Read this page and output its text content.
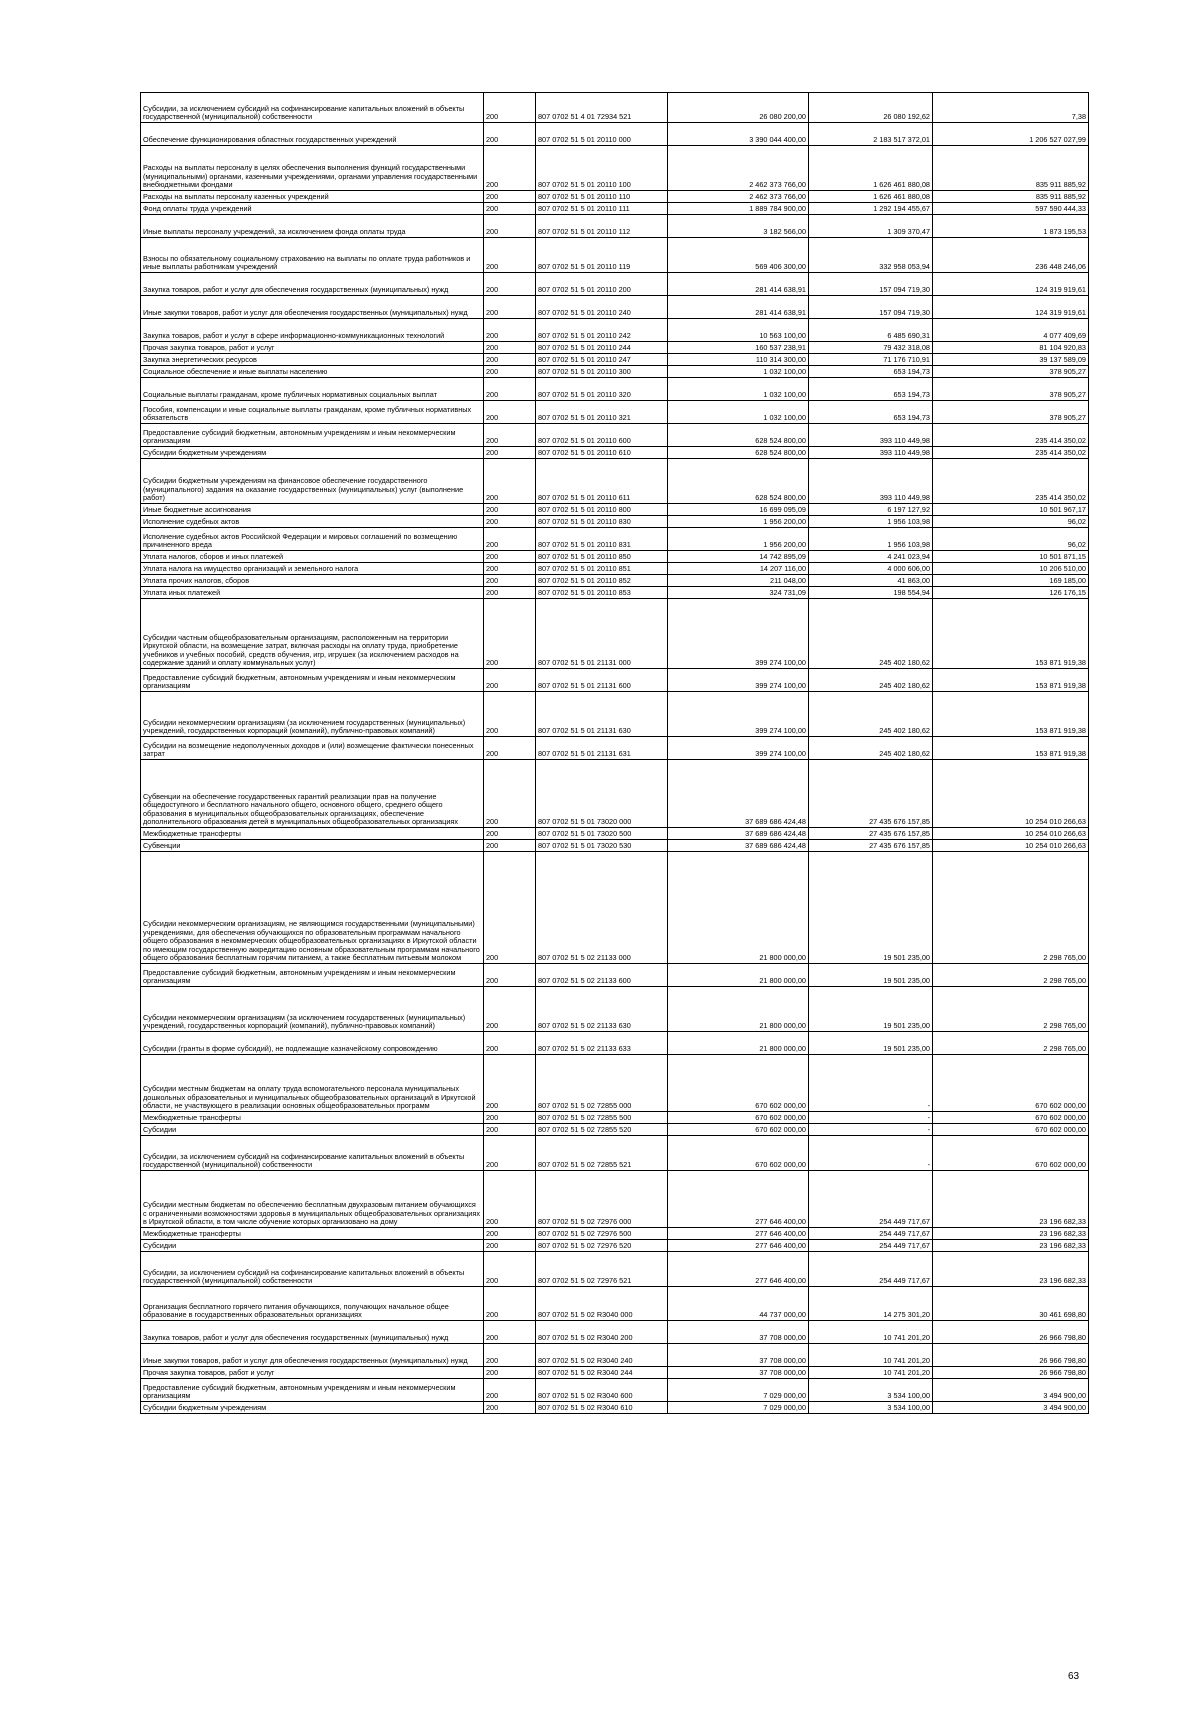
Субсидии, за исключением субсидий на софинансирование капитальных вложений в объекты государственной (муниципальной) собственности	200	807 0702 51 4 01 72934 521	26 080 200,00	26 080 192,62	7,38
Обеспечение функционирования областных государственных учреждений	200	807 0702 51 5 01 20110 000	3 390 044 400,00	2 183 517 372,01	1 206 527 027,99
Расходы на выплаты персоналу в целях обеспечения выполнения функций государственными (муниципальными) органами, казенными учреждениями, органами управления государственными внебюджетными фондами	200	807 0702 51 5 01 20110 100	2 462 373 766,00	1 626 461 880,08	835 911 885,92
Расходы на выплаты персоналу казенных учреждений	200	807 0702 51 5 01 20110 110	2 462 373 766,00	1 626 461 880,08	835 911 885,92
Фонд оплаты труда учреждений	200	807 0702 51 5 01 20110 111	1 889 784 900,00	1 292 194 455,67	597 590 444,33
Иные выплаты персоналу учреждений, за исключением фонда оплаты труда	200	807 0702 51 5 01 20110 112	3 182 566,00	1 309 370,47	1 873 195,53
Взносы по обязательному социальному страхованию на выплаты по оплате труда работников и иные выплаты работникам учреждений	200	807 0702 51 5 01 20110 119	569 406 300,00	332 958 053,94	236 448 246,06
Закупка товаров, работ и услуг для обеспечения государственных (муниципальных) нужд	200	807 0702 51 5 01 20110 200	281 414 638,91	157 094 719,30	124 319 919,61
Иные закупки товаров, работ и услуг для обеспечения государственных (муниципальных) нужд	200	807 0702 51 5 01 20110 240	281 414 638,91	157 094 719,30	124 319 919,61
Закупка товаров, работ и услуг в сфере информационно-коммуникационных технологий	200	807 0702 51 5 01 20110 242	10 563 100,00	6 485 690,31	4 077 409,69
Прочая закупка товаров, работ и услуг	200	807 0702 51 5 01 20110 244	160 537 238,91	79 432 318,08	81 104 920,83
Закупка энергетических ресурсов	200	807 0702 51 5 01 20110 247	110 314 300,00	71 176 710,91	39 137 589,09
Социальное обеспечение и иные выплаты населению	200	807 0702 51 5 01 20110 300	1 032 100,00	653 194,73	378 905,27
Социальные выплаты гражданам, кроме публичных нормативных социальных выплат	200	807 0702 51 5 01 20110 320	1 032 100,00	653 194,73	378 905,27
Пособия, компенсации и иные социальные выплаты гражданам, кроме публичных нормативных обязательств	200	807 0702 51 5 01 20110 321	1 032 100,00	653 194,73	378 905,27
Предоставление субсидий бюджетным, автономным учреждениям и иным некоммерческим организациям	200	807 0702 51 5 01 20110 600	628 524 800,00	393 110 449,98	235 414 350,02
Субсидии бюджетным учреждениям	200	807 0702 51 5 01 20110 610	628 524 800,00	393 110 449,98	235 414 350,02
Субсидии бюджетным учреждениям на финансовое обеспечение государственного (муниципального) задания на оказание государственных (муниципальных) услуг (выполнение работ)	200	807 0702 51 5 01 20110 611	628 524 800,00	393 110 449,98	235 414 350,02
Иные бюджетные ассигнования	200	807 0702 51 5 01 20110 800	16 699 095,09	6 197 127,92	10 501 967,17
Исполнение судебных актов	200	807 0702 51 5 01 20110 830	1 956 200,00	1 956 103,98	96,02
Исполнение судебных актов Российской Федерации и мировых соглашений по возмещению причиненного вреда	200	807 0702 51 5 01 20110 831	1 956 200,00	1 956 103,98	96,02
Уплата налогов, сборов и иных платежей	200	807 0702 51 5 01 20110 850	14 742 895,09	4 241 023,94	10 501 871,15
Уплата налога на имущество организаций и земельного налога	200	807 0702 51 5 01 20110 851	14 207 116,00	4 000 606,00	10 206 510,00
Уплата прочих налогов, сборов	200	807 0702 51 5 01 20110 852	211 048,00	41 863,00	169 185,00
Уплата иных платежей	200	807 0702 51 5 01 20110 853	324 731,09	198 554,94	126 176,15
Субсидии частным общеобразовательным организациям, расположенным на территории Иркутской области, на возмещение затрат, включая расходы на оплату труда, приобретение учебников и учебных пособий, средств обучения, игр, игрушек (за исключением расходов на содержание зданий и оплату коммунальных услуг)	200	807 0702 51 5 01 21131 000	399 274 100,00	245 402 180,62	153 871 919,38
Предоставление субсидий бюджетным, автономным учреждениям и иным некоммерческим организациям	200	807 0702 51 5 01 21131 600	399 274 100,00	245 402 180,62	153 871 919,38
Субсидии некоммерческим организациям (за исключением государственных (муниципальных) учреждений, государственных корпораций (компаний), публично-правовых компаний)	200	807 0702 51 5 01 21131 630	399 274 100,00	245 402 180,62	153 871 919,38
Субсидии на возмещение недополученных доходов и (или) возмещение фактически понесенных затрат	200	807 0702 51 5 01 21131 631	399 274 100,00	245 402 180,62	153 871 919,38
Субвенции на обеспечение государственных гарантий реализации прав на получение общедоступного и бесплатного начального общего, основного общего, среднего общего образования в муниципальных общеобразовательных организациях, обеспечение дополнительного образования детей в муниципальных общеобразовательных организациях	200	807 0702 51 5 01 73020 000	37 689 686 424,48	27 435 676 157,85	10 254 010 266,63
Межбюджетные трансферты	200	807 0702 51 5 01 73020 500	37 689 686 424,48	27 435 676 157,85	10 254 010 266,63
Субвенции	200	807 0702 51 5 01 73020 530	37 689 686 424,48	27 435 676 157,85	10 254 010 266,63
Субсидии некоммерческим организациям, не являющимся государственными (муниципальными) учреждениями, для обеспечения обучающихся по образовательным программам начального общего образования в некоммерческих общеобразовательных организациях в Иркутской области по имеющим государственную аккредитацию основным образовательным программам начального общего образования бесплатным горячим питанием, а также бесплатным питьевым молоком	200	807 0702 51 5 02 21133 000	21 800 000,00	19 501 235,00	2 298 765,00
Предоставление субсидий бюджетным, автономным учреждениям и иным некоммерческим организациям	200	807 0702 51 5 02 21133 600	21 800 000,00	19 501 235,00	2 298 765,00
Субсидии некоммерческим организациям (за исключением государственных (муниципальных) учреждений, государственных корпораций (компаний), публично-правовых компаний)	200	807 0702 51 5 02 21133 630	21 800 000,00	19 501 235,00	2 298 765,00
Субсидии (гранты в форме субсидий), не подлежащие казначейскому сопровождению	200	807 0702 51 5 02 21133 633	21 800 000,00	19 501 235,00	2 298 765,00
Субсидии местным бюджетам на оплату труда вспомогательного персонала муниципальных дошкольных образовательных и муниципальных общеобразовательных организаций в Иркутской области, не участвующего в реализации основных общеобразовательных программ	200	807 0702 51 5 02 72855 000	670 602 000,00	-	670 602 000,00
Межбюджетные трансферты	200	807 0702 51 5 02 72855 500	670 602 000,00	-	670 602 000,00
Субсидии	200	807 0702 51 5 02 72855 520	670 602 000,00	-	670 602 000,00
Субсидии, за исключением субсидий на софинансирование капитальных вложений в объекты государственной (муниципальной) собственности	200	807 0702 51 5 02 72855 521	670 602 000,00	-	670 602 000,00
Субсидии местным бюджетам по обеспечению бесплатным двухразовым питанием обучающихся с ограниченными возможностями здоровья в муниципальных общеобразовательных организациях в Иркутской области, в том числе обучение которых организовано на дому	200	807 0702 51 5 02 72976 000	277 646 400,00	254 449 717,67	23 196 682,33
Межбюджетные трансферты	200	807 0702 51 5 02 72976 500	277 646 400,00	254 449 717,67	23 196 682,33
Субсидии	200	807 0702 51 5 02 72976 520	277 646 400,00	254 449 717,67	23 196 682,33
Субсидии, за исключением субсидий на софинансирование капитальных вложений в объекты государственной (муниципальной) собственности	200	807 0702 51 5 02 72976 521	277 646 400,00	254 449 717,67	23 196 682,33
Организация бесплатного горячего питания обучающихся, получающих начальное общее образование в государственных образовательных организациях	200	807 0702 51 5 02 R3040 000	44 737 000,00	14 275 301,20	30 461 698,80
Закупка товаров, работ и услуг для обеспечения государственных (муниципальных) нужд	200	807 0702 51 5 02 R3040 200	37 708 000,00	10 741 201,20	26 966 798,80
Иные закупки товаров, работ и услуг для обеспечения государственных (муниципальных) нужд	200	807 0702 51 5 02 R3040 240	37 708 000,00	10 741 201,20	26 966 798,80
Прочая закупка товаров, работ и услуг	200	807 0702 51 5 02 R3040 244	37 708 000,00	10 741 201,20	26 966 798,80
Предоставление субсидий бюджетным, автономным учреждениям и иным некоммерческим организациям	200	807 0702 51 5 02 R3040 600	7 029 000,00	3 534 100,00	3 494 900,00
Субсидии бюджетным учреждениям	200	807 0702 51 5 02 R3040 610	7 029 000,00	3 534 100,00	3 494 900,00
63
